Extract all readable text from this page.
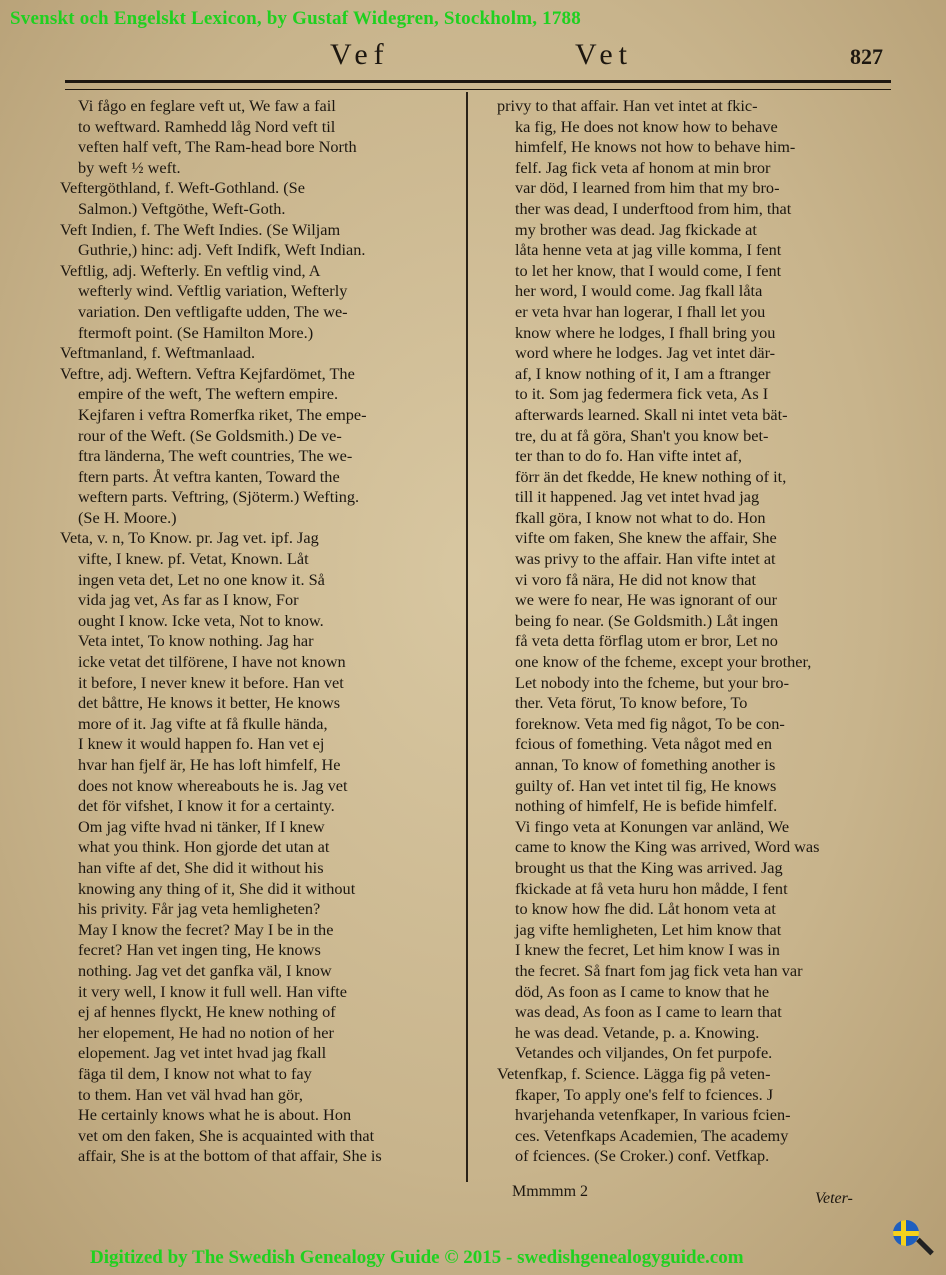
Svenskt och Engelskt Lexicon, by Gustaf Widegren, Stockholm, 1788
Vef	Vet	827
Vi fågo en feglare veft ut, We faw a fail
to weftward. Ramhedd låg Nord veft til
veften half veft, The Ram-head bore North
by weft ½ weft.
Veftergöthland, f. Weft-Gothland. (Se
Salmon.) Veftgöthe, Weft-Goth.
Veft Indien, f. The Weft Indies. (Se Wiljam
Guthrie,) hinc: adj. Veft Indifk, Weft Indian.
Veftlig, adj. Wefterly. En veftlig vind, A
wefterly wind. Veftlig variation, Wefterly
variation. Den veftligafte udden, The we-
ftermoft point. (Se Hamilton More.)
Veftmanland, f. Weftmanlaad.
Veftre, adj. Weftern. Veftra Kejfardömet, The
empire of the weft, The weftern empire.
Kejfaren i veftra Romerfka riket, The empe-
rour of the Weft. (Se Goldsmith.) De ve-
ftra länderna, The weft countries, The we-
ftern parts. Åt veftra kanten, Toward the
weftern parts. Veftring, (Sjöterm.) Wefting.
(Se H. Moore.)
Veta, v. n, To Know. pr. Jag vet. ipf. Jag
vifte, I knew. pf. Vetat, Known. Låt
ingen veta det, Let no one know it. Så
vida jag vet, As far as I know, For
ought I know. Icke veta, Not to know.
Veta intet, To know nothing. Jag har
icke vetat det tilförene, I have not known
it before, I never knew it before. Han vet
det båttre, He knows it better, He knows
more of it. Jag vifte at få fkulle hända,
I knew it would happen fo. Han vet ej
hvar han fjelf är, He has loft himfelf, He
does not know whereabouts he is. Jag vet
det för vifshet, I know it for a certainty.
Om jag vifte hvad ni tänker, If I knew
what you think. Hon gjorde det utan at
han vifte af det, She did it without his
knowing any thing of it, She did it without
his privity. Får jag veta hemligheten?
May I know the fecret? May I be in the
fecret? Han vet ingen ting, He knows
nothing. Jag vet det ganfka väl, I know
it very well, I know it full well. Han vifte
ej af hennes flyckt, He knew nothing of
her elopement, He had no notion of her
elopement. Jag vet intet hvad jag fkall
fäga til dem, I know not what to fay
to them. Han vet väl hvad han gör,
He certainly knows what he is about. Hon
vet om den faken, She is acquainted with that
affair, She is at the bottom of that affair, She is
privy to that affair. Han vet intet at fkic-
ka fig, He does not know how to behave
himfelf, He knows not how to behave him-
felf. Jag fick veta af honom at min bror
var död, I learned from him that my bro-
ther was dead, I underftood from him, that
my brother was dead. Jag fkickade at
låta henne veta at jag ville komma, I fent
to let her know, that I would come, I fent
her word, I would come. Jag fkall låta
er veta hvar han logerar, I fhall let you
know where he lodges, I fhall bring you
word where he lodges. Jag vet intet där-
af, I know nothing of it, I am a ftranger
to it. Som jag federmera fick veta, As I
afterwards learned. Skall ni intet veta bät-
tre, du at få göra, Shan't you know bet-
ter than to do fo. Han vifte intet af,
förr än det fkedde, He knew nothing of it,
till it happened. Jag vet intet hvad jag
fkall göra, I know not what to do. Hon
vifte om faken, She knew the affair, She
was privy to the affair. Han vifte intet at
vi voro få nära, He did not know that
we were fo near, He was ignorant of our
being fo near. (Se Goldsmith.) Låt ingen
få veta detta förflag utom er bror, Let no
one know of the fcheme, except your brother,
Let nobody into the fcheme, but your bro-
ther. Veta förut, To know before, To
foreknow. Veta med fig något, To be con-
fcious of fomething. Veta något med en
annan, To know of fomething another is
guilty of. Han vet intet til fig, He knows
nothing of himfelf, He is befide himfelf.
Vi fingo veta at Konungen var anländ, We
came to know the King was arrived, Word was
brought us that the King was arrived. Jag
fkickade at få veta huru hon mådde, I fent
to know how fhe did. Låt honom veta at
jag vifte hemligheten, Let him know that
I knew the fecret, Let him know I was in
the fecret. Så fnart fom jag fick veta han var
död, As foon as I came to know that he
was dead, As foon as I came to learn that
he was dead. Vetande, p. a. Knowing.
Vetandes och viljandes, On fet purpofe.
Vetenfkap, f. Science. Lägga fig på veten-
fkaper, To apply one's felf to fciences. J
hvarjehanda vetenfkaper, In various fcien-
ces. Vetenfkaps Academien, The academy
of fciences. (Se Croker.) conf. Vetfkap.
Mmmmm 2	Veter-
Digitized by The Swedish Genealogy Guide © 2015 - swedishgenealogyguide.com
